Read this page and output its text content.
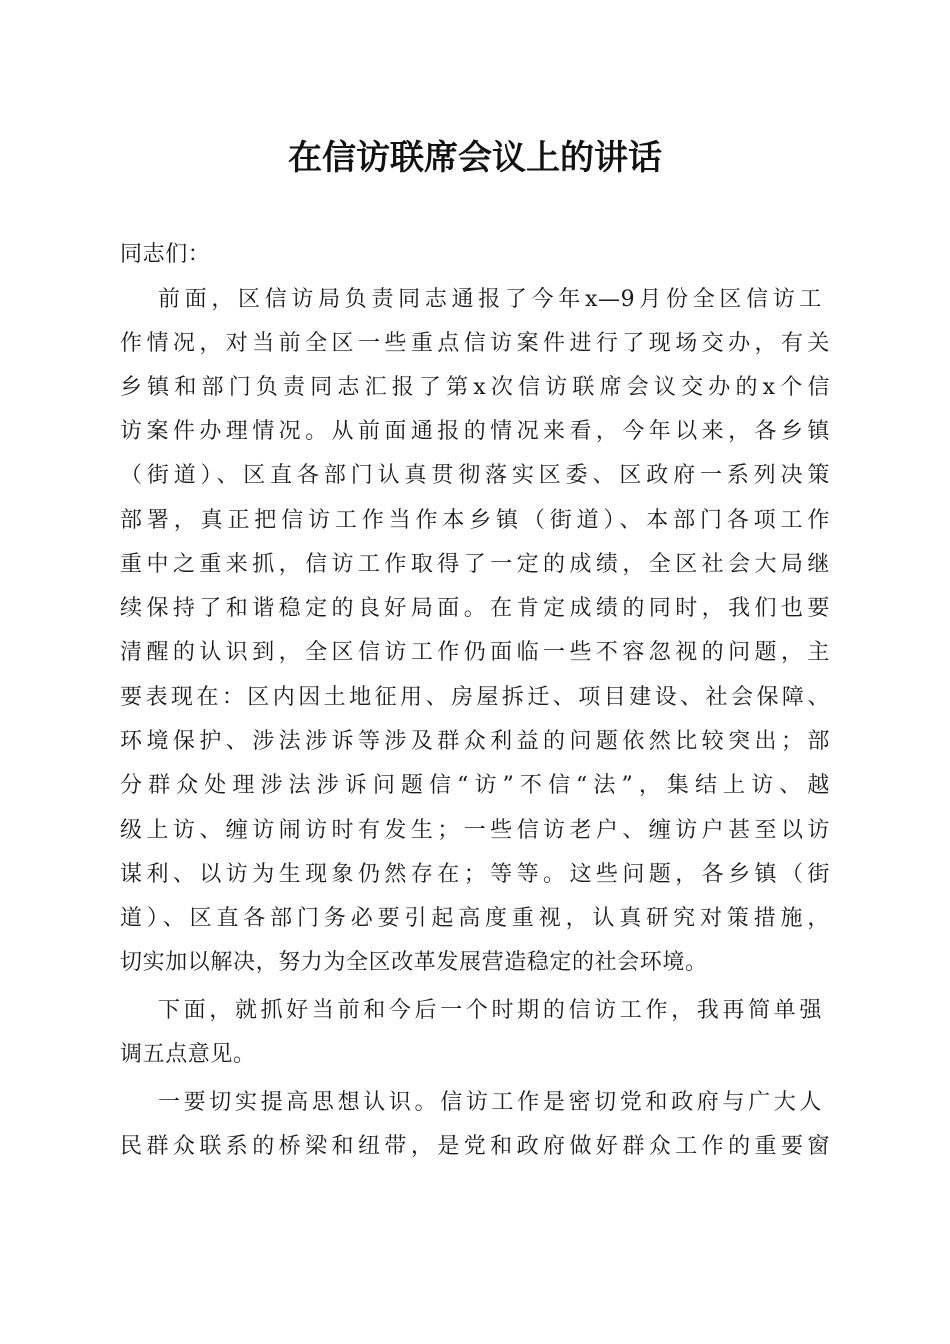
在信访联席会议上的讲话
同志们：
前面，区信访局负责同志通报了今年x—9月份全区信访工
作情况，对当前全区一些重点信访案件进行了现场交办，有关
乡镇和部门负责同志汇报了第x次信访联席会议交办的x个信
访案件办理情况。从前面通报的情况来看，今年以来，各乡镇
（街道）、区直各部门认真贯彻落实区委、区政府一系列决策
部署，真正把信访工作当作本乡镇（街道）、本部门各项工作
重中之重来抓，信访工作取得了一定的成绩，全区社会大局继
续保持了和谐稳定的良好局面。在肯定成绩的同时，我们也要
清醒的认识到，全区信访工作仍面临一些不容忽视的问题，主
要表现在：区内因土地征用、房屋拆迁、项目建设、社会保障、
环境保护、涉法涉诉等涉及群众利益的问题依然比较突出；部
分群众处理涉法涉诉问题信“访”不信“法”，集结上访、越
级上访、缠访闹访时有发生；一些信访老户、缠访户甚至以访
谋利、以访为生现象仍然存在；等等。这些问题，各乡镇（街
道）、区直各部门务必要引起高度重视，认真研究对策措施，
切实加以解决，努力为全区改革发展营造稳定的社会环境。
下面，就抓好当前和今后一个时期的信访工作，我再简单强
调五点意见。
一要切实提高思想认识。信访工作是密切党和政府与广大人
民群众联系的桥梁和纽带，是党和政府做好群众工作的重要窗
